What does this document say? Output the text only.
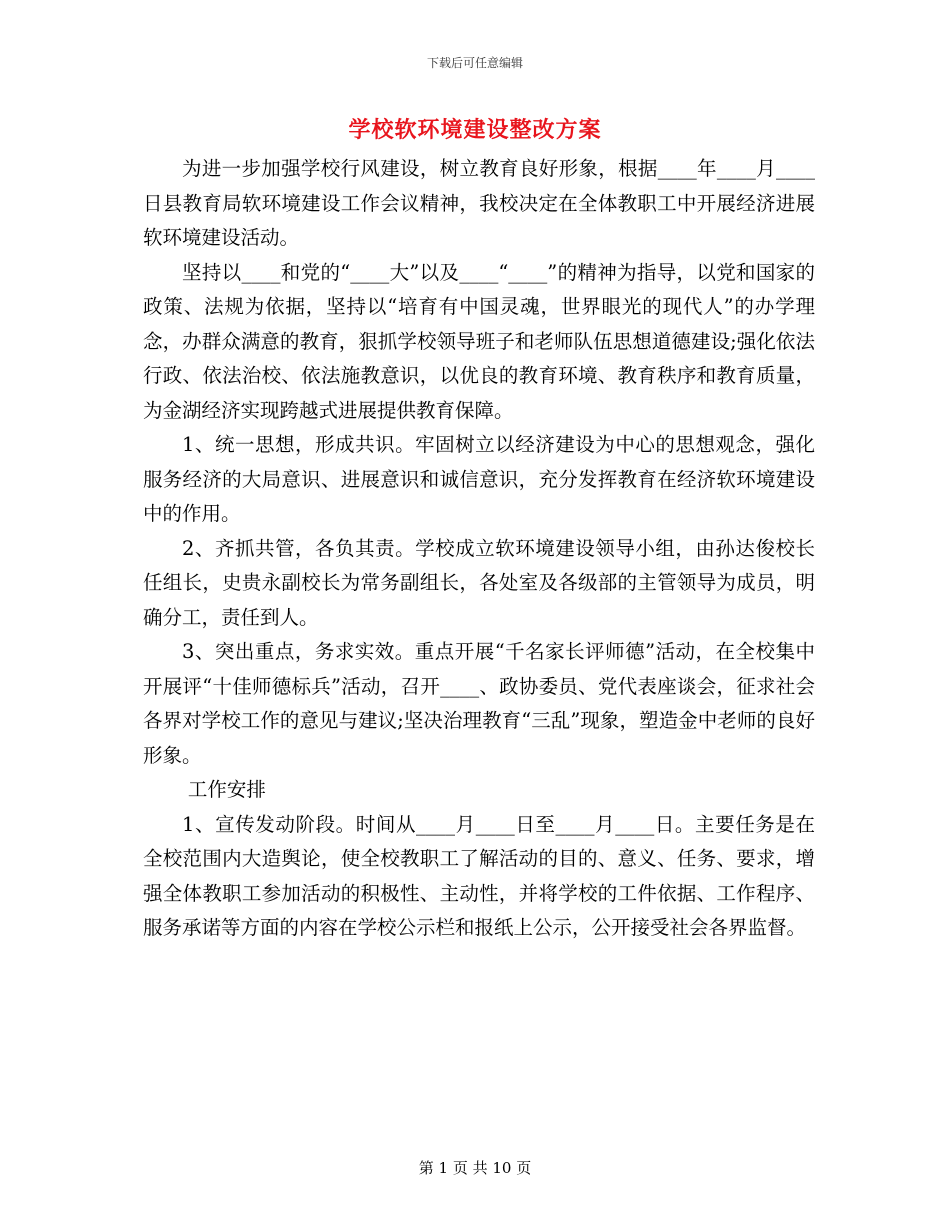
下载后可任意编辑
学校软环境建设整改方案

为进一步加强学校行风建设，树立教育良好形象，根据____年____月____日县教育局软环境建设工作会议精神，我校决定在全体教职工中开展经济进展软环境建设活动。

坚持以____和党的“____大”以及____“____”的精神为指导，以党和国家的政策、法规为依据，坚持以“培育有中国灵魂，世界眼光的现代人”的办学理念，办群众满意的教育，狠抓学校领导班子和老师队伍思想道德建设;强化依法行政、依法治校、依法施教意识，以优良的教育环境、教育秩序和教育质量，为金湖经济实现跨越式进展提供教育保障。

1、统一思想，形成共识。牢固树立以经济建设为中心的思想观念，强化服务经济的大局意识、进展意识和诚信意识，充分发挥教育在经济软环境建设中的作用。

2、齐抓共管，各负其责。学校成立软环境建设领导小组，由孙达俊校长任组长，史贵永副校长为常务副组长，各处室及各级部的主管领导为成员，明确分工，责任到人。

3、突出重点，务求实效。重点开展“千名家长评师德”活动，在全校集中开展评“十佳师德标兵”活动，召开____、政协委员、党代表座谈会，征求社会各界对学校工作的意见与建议;坚决治理教育“三乱”现象，塑造金中老师的良好形象。

工作安排

1、宣传发动阶段。时间从____月____日至____月____日。主要任务是在全校范围内大造舆论，使全校教职工了解活动的目的、意义、任务、要求，增强全体教职工参加活动的积极性、主动性，并将学校的工件依据、工作程序、服务承诺等方面的内容在学校公示栏和报纸上公示，公开接受社会各界监督。

第 1 页 共 10 页
